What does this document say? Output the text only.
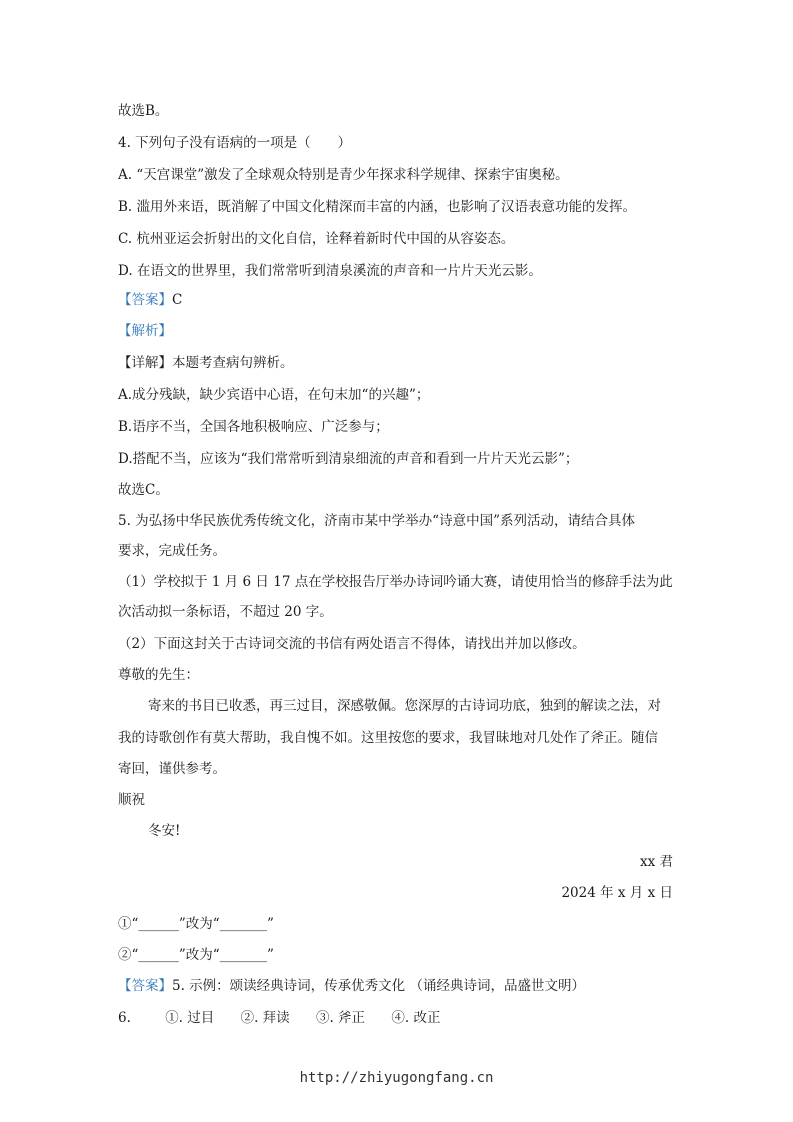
故选B。
4. 下列句子没有语病的一项是（　　）
A. “天宫课堂”激发了全球观众特别是青少年探求科学规律、探索宇宙奥秘。
B. 滥用外来语，既消解了中国文化精深而丰富的内涵，也影响了汉语表意功能的发挥。
C. 杭州亚运会折射出的文化自信，诠释着新时代中国的从容姿态。
D. 在语文的世界里，我们常常听到清泉溪流的声音和一片片天光云影。
【答案】C
【解析】
【详解】本题考查病句辨析。
A.成分残缺，缺少宾语中心语，在句末加“的兴趣”；
B.语序不当，全国各地积极响应、广泛参与；
D.搭配不当，应该为“我们常常听到清泉细流的声音和看到一片片天光云影”；
故选C。
5. 为弘扬中华民族优秀传统文化，济南市某中学举办“诗意中国”系列活动，请结合具体
要求，完成任务。
（1）学校拟于 1 月 6 日 17 点在学校报告厅举办诗词吟诵大赛，请使用恰当的修辞手法为此
次活动拟一条标语，不超过 20 字。
（2）下面这封关于古诗词交流的书信有两处语言不得体，请找出并加以修改。
尊敬的先生：
寄来的书目已收悉，再三过目，深感敬佩。您深厚的古诗词功底，独到的解读之法，对
我的诗歌创作有莫大帮助，我自愧不如。这里按您的要求，我冒昧地对几处作了斧正。随信
寄回，谨供参考。
顺祝
冬安!
xx 君
2024 年 x 月 x 日
①“______”改为“_______”
②“______”改为“_______”
【答案】5. 示例：颂读经典诗词，传承优秀文化 （诵经典诗词，品盛世文明）
6.	①. 过目 ②. 拜读 ③. 斧正 ④. 改正
http://zhiyugongfang.cn
